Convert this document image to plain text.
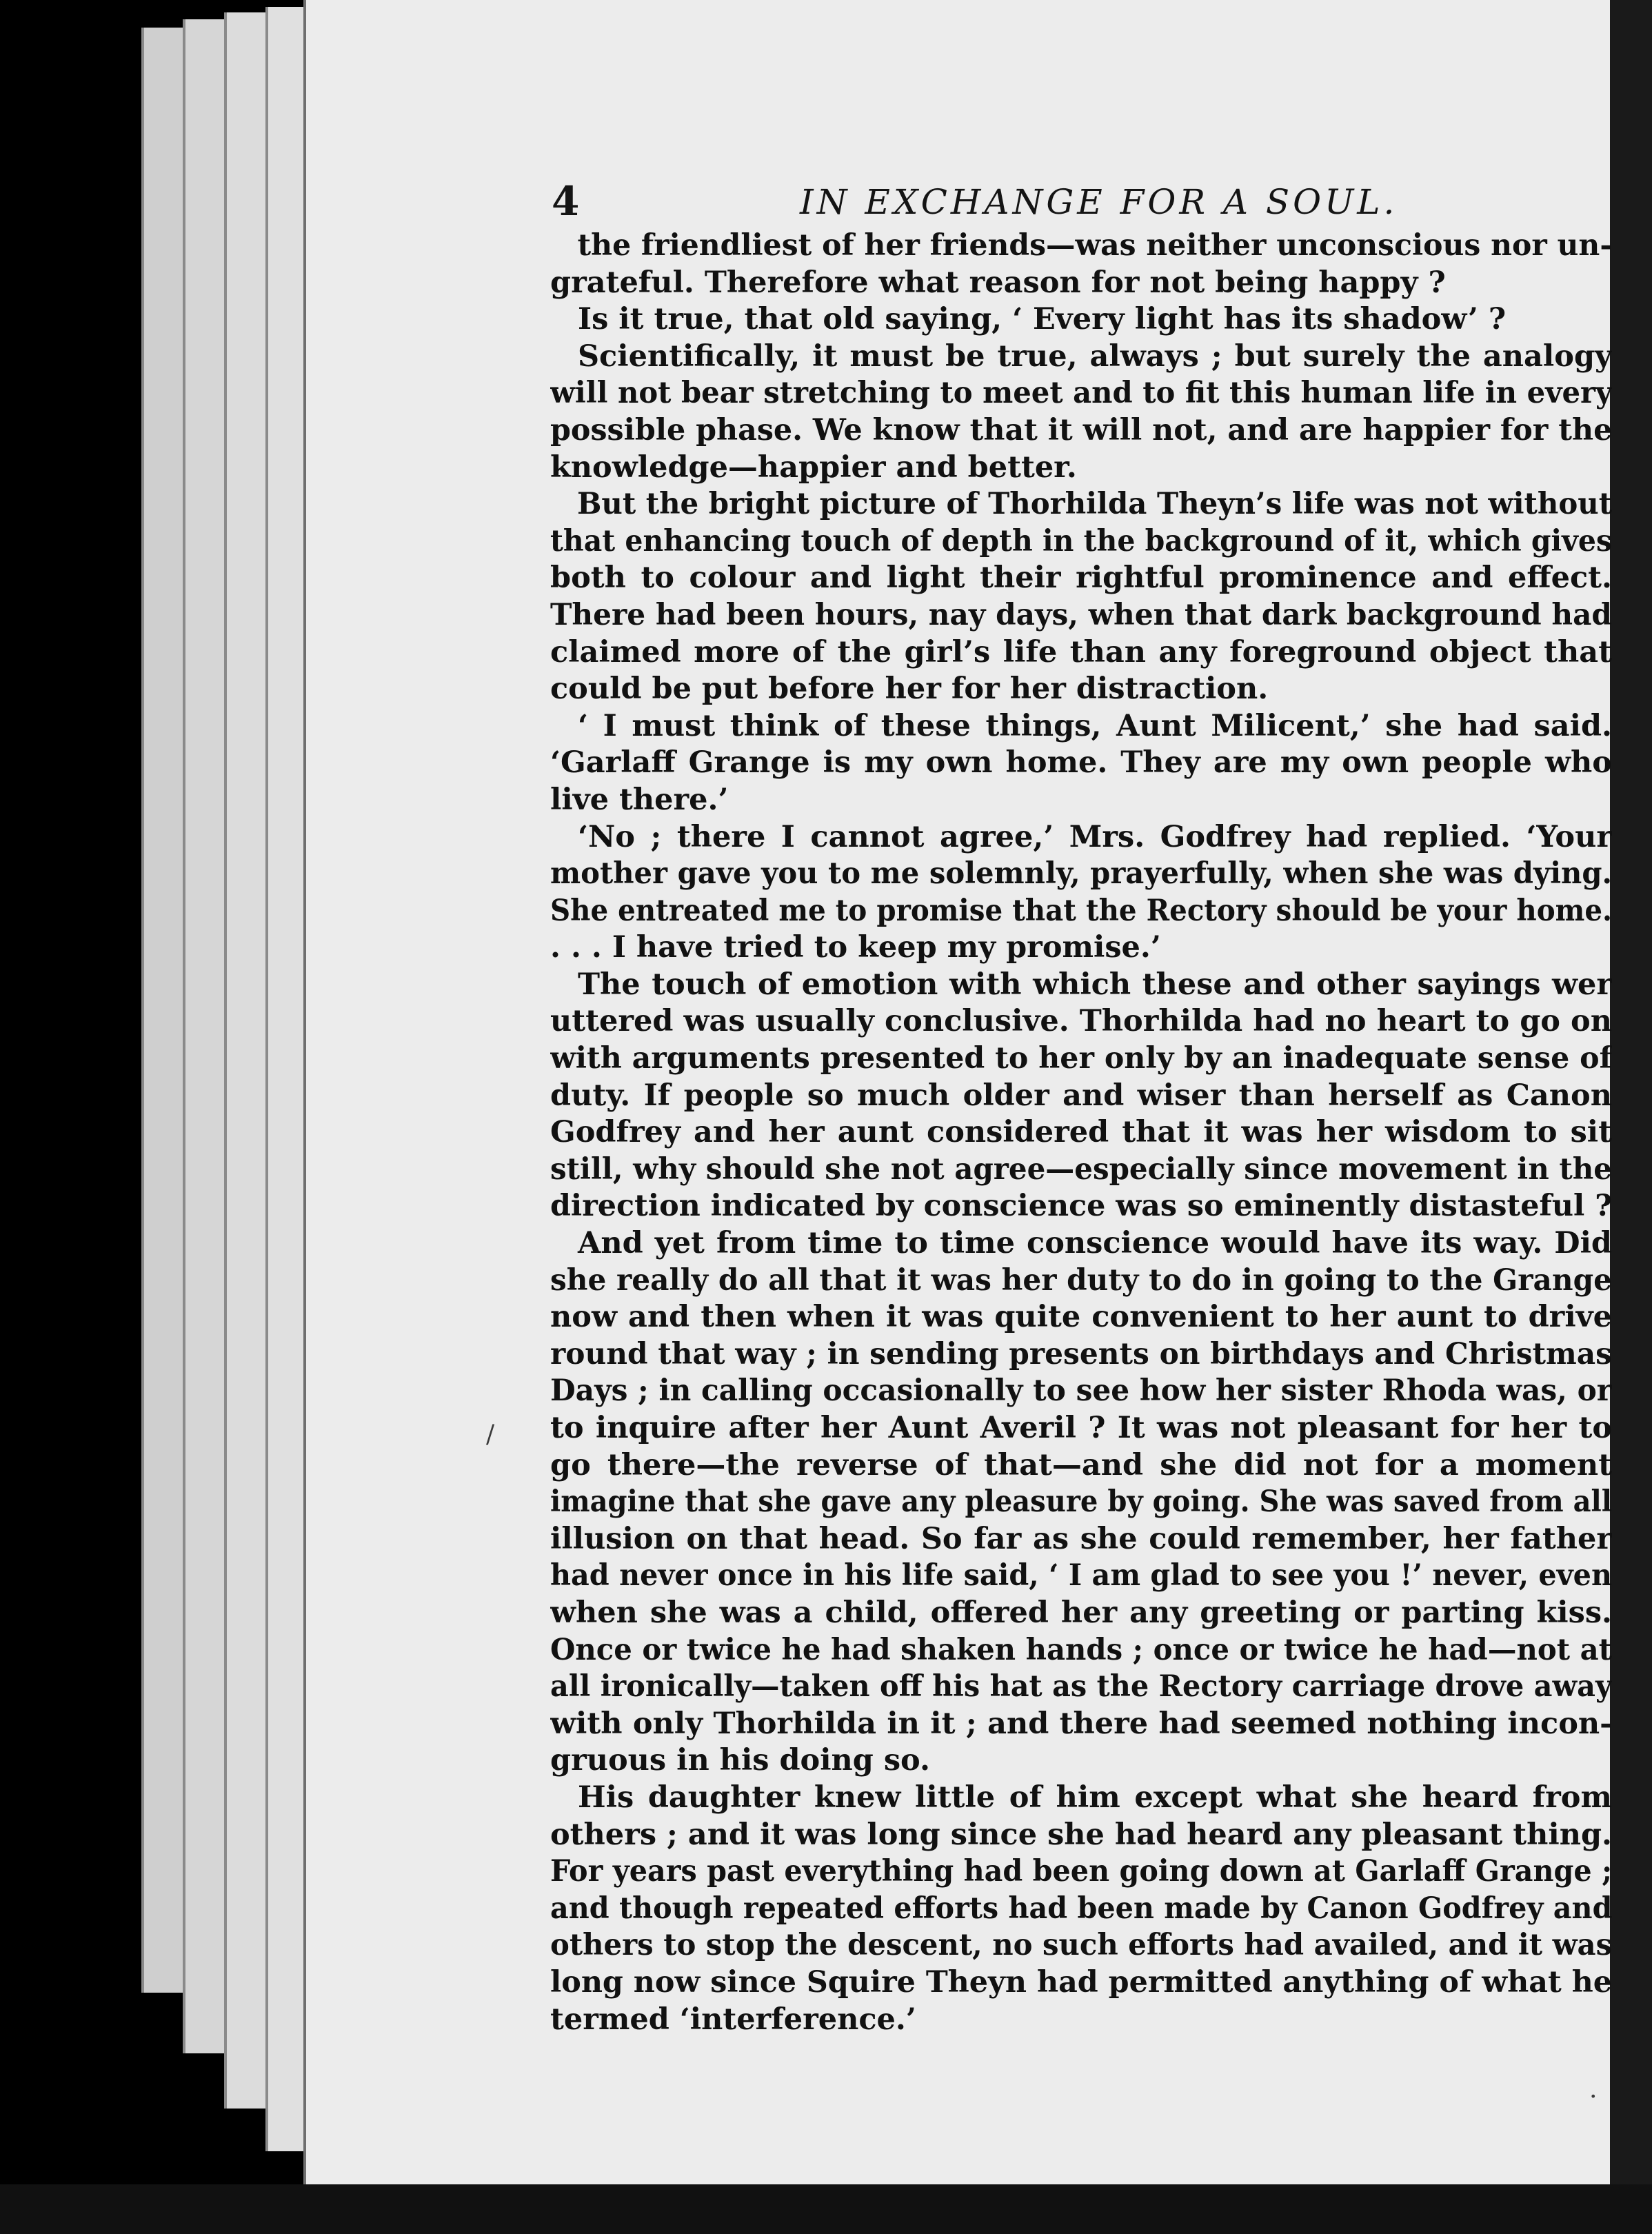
4	IN EXCHANGE FOR A SOUL.
the friendliest of her friends—was neither unconscious nor un-
grateful. Therefore what reason for not being happy ?
Is it true, that old saying, ‘ Every light has its shadow’ ?
Scientifically, it must be true, always ; but surely the analogy
will not bear stretching to meet and to fit this human life in every
possible phase. We know that it will not, and are happier for the
knowledge—happier and better.
But the bright picture of Thorhilda Theyn’s life was not without
that enhancing touch of depth in the background of it, which gives
both to colour and light their rightful prominence and effect.
There had been hours, nay days, when that dark background had
claimed more of the girl’s life than any foreground object that
could be put before her for her distraction.
‘ I must think of these things, Aunt Milicent,’ she had said.
‘Garlaff Grange is my own home. They are my own people who
live there.’
‘No ; there I cannot agree,’ Mrs. Godfrey had replied. ‘Your
mother gave you to me solemnly, prayerfully, when she was dying.
She entreated me to promise that the Rectory should be your home.
. . . I have tried to keep my promise.’
The touch of emotion with which these and other sayings wer
uttered was usually conclusive. Thorhilda had no heart to go on
with arguments presented to her only by an inadequate sense of
duty. If people so much older and wiser than herself as Canon
Godfrey and her aunt considered that it was her wisdom to sit
still, why should she not agree—especially since movement in the
direction indicated by conscience was so eminently distasteful ?
And yet from time to time conscience would have its way. Did
she really do all that it was her duty to do in going to the Grange
now and then when it was quite convenient to her aunt to drive
round that way ; in sending presents on birthdays and Christmas
Days ; in calling occasionally to see how her sister Rhoda was, or
to inquire after her Aunt Averil ? It was not pleasant for her to
go there—the reverse of that—and she did not for a moment
imagine that she gave any pleasure by going. She was saved from all
illusion on that head. So far as she could remember, her father
had never once in his life said, ‘ I am glad to see you !’ never, even
when she was a child, offered her any greeting or parting kiss.
Once or twice he had shaken hands ; once or twice he had—not at
all ironically—taken off his hat as the Rectory carriage drove away
with only Thorhilda in it ; and there had seemed nothing incon-
gruous in his doing so.
His daughter knew little of him except what she heard from
others ; and it was long since she had heard any pleasant thing.
For years past everything had been going down at Garlaff Grange ;
and though repeated efforts had been made by Canon Godfrey and
others to stop the descent, no such efforts had availed, and it was
long now since Squire Theyn had permitted anything of what he
termed ‘interference.’
/
.
